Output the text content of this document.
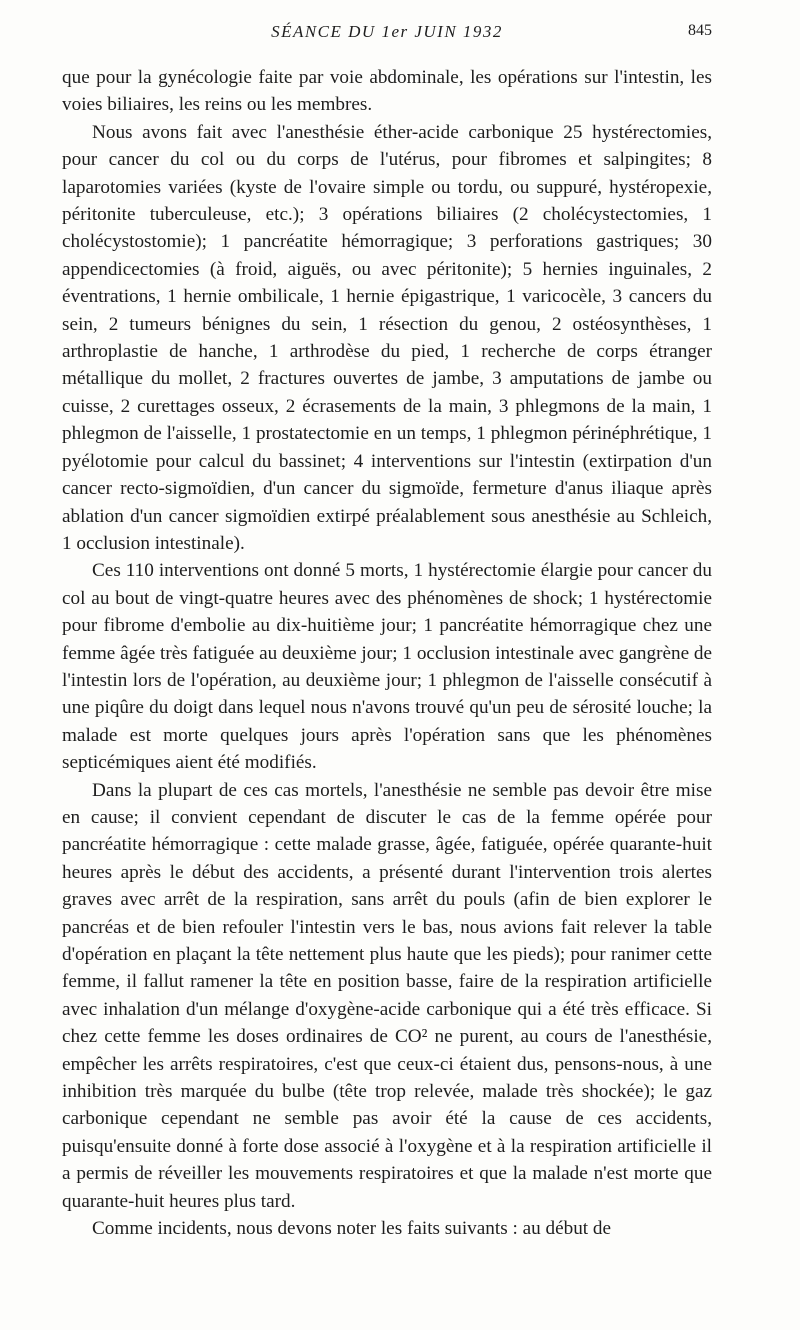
SÉANCE DU 1er JUIN 1932	845

que pour la gynécologie faite par voie abdominale, les opérations sur l'intestin, les voies biliaires, les reins ou les membres.

Nous avons fait avec l'anesthésie éther-acide carbonique 25 hystérectomies, pour cancer du col ou du corps de l'utérus, pour fibromes et salpingites; 8 laparotomies variées (kyste de l'ovaire simple ou tordu, ou suppuré, hystéropexie, péritonite tuberculeuse, etc.); 3 opérations biliaires (2 cholécystectomies, 1 cholécystostomie); 1 pancréatite hémorragique; 3 perforations gastriques; 30 appendicectomies (à froid, aiguës, ou avec péritonite); 5 hernies inguinales, 2 éventrations, 1 hernie ombilicale, 1 hernie épigastrique, 1 varicocèle, 3 cancers du sein, 2 tumeurs bénignes du sein, 1 résection du genou, 2 ostéosynthèses, 1 arthroplastie de hanche, 1 arthrodèse du pied, 1 recherche de corps étranger métallique du mollet, 2 fractures ouvertes de jambe, 3 amputations de jambe ou cuisse, 2 curettages osseux, 2 écrasements de la main, 3 phlegmons de la main, 1 phlegmon de l'aisselle, 1 prostatectomie en un temps, 1 phlegmon périnéphrétique, 1 pyélotomie pour calcul du bassinet; 4 interventions sur l'intestin (extirpation d'un cancer recto-sigmoïdien, d'un cancer du sigmoïde, fermeture d'anus iliaque après ablation d'un cancer sigmoïdien extirpé préalablement sous anesthésie au Schleich, 1 occlusion intestinale).

Ces 110 interventions ont donné 5 morts, 1 hystérectomie élargie pour cancer du col au bout de vingt-quatre heures avec des phénomènes de shock; 1 hystérectomie pour fibrome d'embolie au dix-huitième jour; 1 pancréatite hémorragique chez une femme âgée très fatiguée au deuxième jour; 1 occlusion intestinale avec gangrène de l'intestin lors de l'opération, au deuxième jour; 1 phlegmon de l'aisselle consécutif à une piqûre du doigt dans lequel nous n'avons trouvé qu'un peu de sérosité louche; la malade est morte quelques jours après l'opération sans que les phénomènes septicémiques aient été modifiés.

Dans la plupart de ces cas mortels, l'anesthésie ne semble pas devoir être mise en cause; il convient cependant de discuter le cas de la femme opérée pour pancréatite hémorragique : cette malade grasse, âgée, fatiguée, opérée quarante-huit heures après le début des accidents, a présenté durant l'intervention trois alertes graves avec arrêt de la respiration, sans arrêt du pouls (afin de bien explorer le pancréas et de bien refouler l'intestin vers le bas, nous avions fait relever la table d'opération en plaçant la tête nettement plus haute que les pieds); pour ranimer cette femme, il fallut ramener la tête en position basse, faire de la respiration artificielle avec inhalation d'un mélange d'oxygène-acide carbonique qui a été très efficace. Si chez cette femme les doses ordinaires de CO² ne purent, au cours de l'anesthésie, empêcher les arrêts respiratoires, c'est que ceux-ci étaient dus, pensons-nous, à une inhibition très marquée du bulbe (tête trop relevée, malade très shockée); le gaz carbonique cependant ne semble pas avoir été la cause de ces accidents, puisqu'ensuite donné à forte dose associé à l'oxygène et à la respiration artificielle il a permis de réveiller les mouvements respiratoires et que la malade n'est morte que quarante-huit heures plus tard.

Comme incidents, nous devons noter les faits suivants : au début de
